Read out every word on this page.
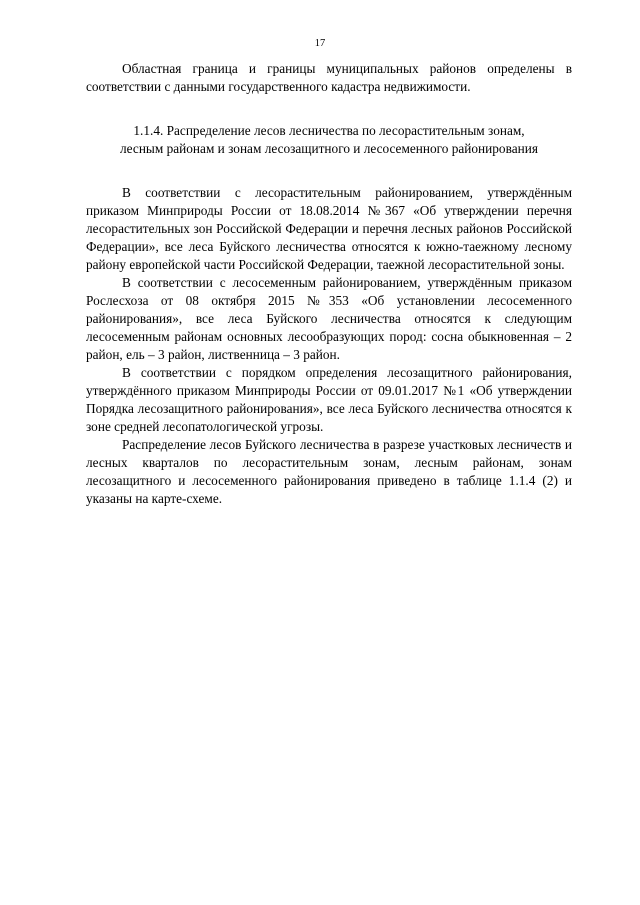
17

Областная граница и границы муниципальных районов определены в соответствии с данными государственного кадастра недвижимости.

1.1.4. Распределение лесов лесничества по лесорастительным зонам,
лесным районам и зонам лесозащитного и лесосеменного районирования

В соответствии с лесорастительным районированием, утверждённым приказом Минприроды России от 18.08.2014 №367 «Об утверждении перечня лесорастительных зон Российской Федерации и перечня лесных районов Российской Федерации», все леса Буйского лесничества относятся к южно-таежному лесному району европейской части Российской Федерации, таежной лесорастительной зоны.

В соответствии с лесосеменным районированием, утверждённым приказом Рослесхоза от 08 октября 2015 №353 «Об установлении лесосеменного районирования», все леса Буйского лесничества относятся к следующим лесосеменным районам основных лесообразующих пород: сосна обыкновенная – 2 район, ель – 3 район, лиственница – 3 район.

В соответствии с порядком определения лесозащитного районирования, утверждённого приказом Минприроды России от 09.01.2017 №1 «Об утверждении Порядка лесозащитного районирования», все леса Буйского лесничества относятся к зоне средней лесопатологической угрозы.

Распределение лесов Буйского лесничества в разрезе участковых лесничеств и лесных кварталов по лесорастительным зонам, лесным районам, зонам лесозащитного и лесосеменного районирования приведено в таблице 1.1.4 (2) и указаны на карте-схеме.
